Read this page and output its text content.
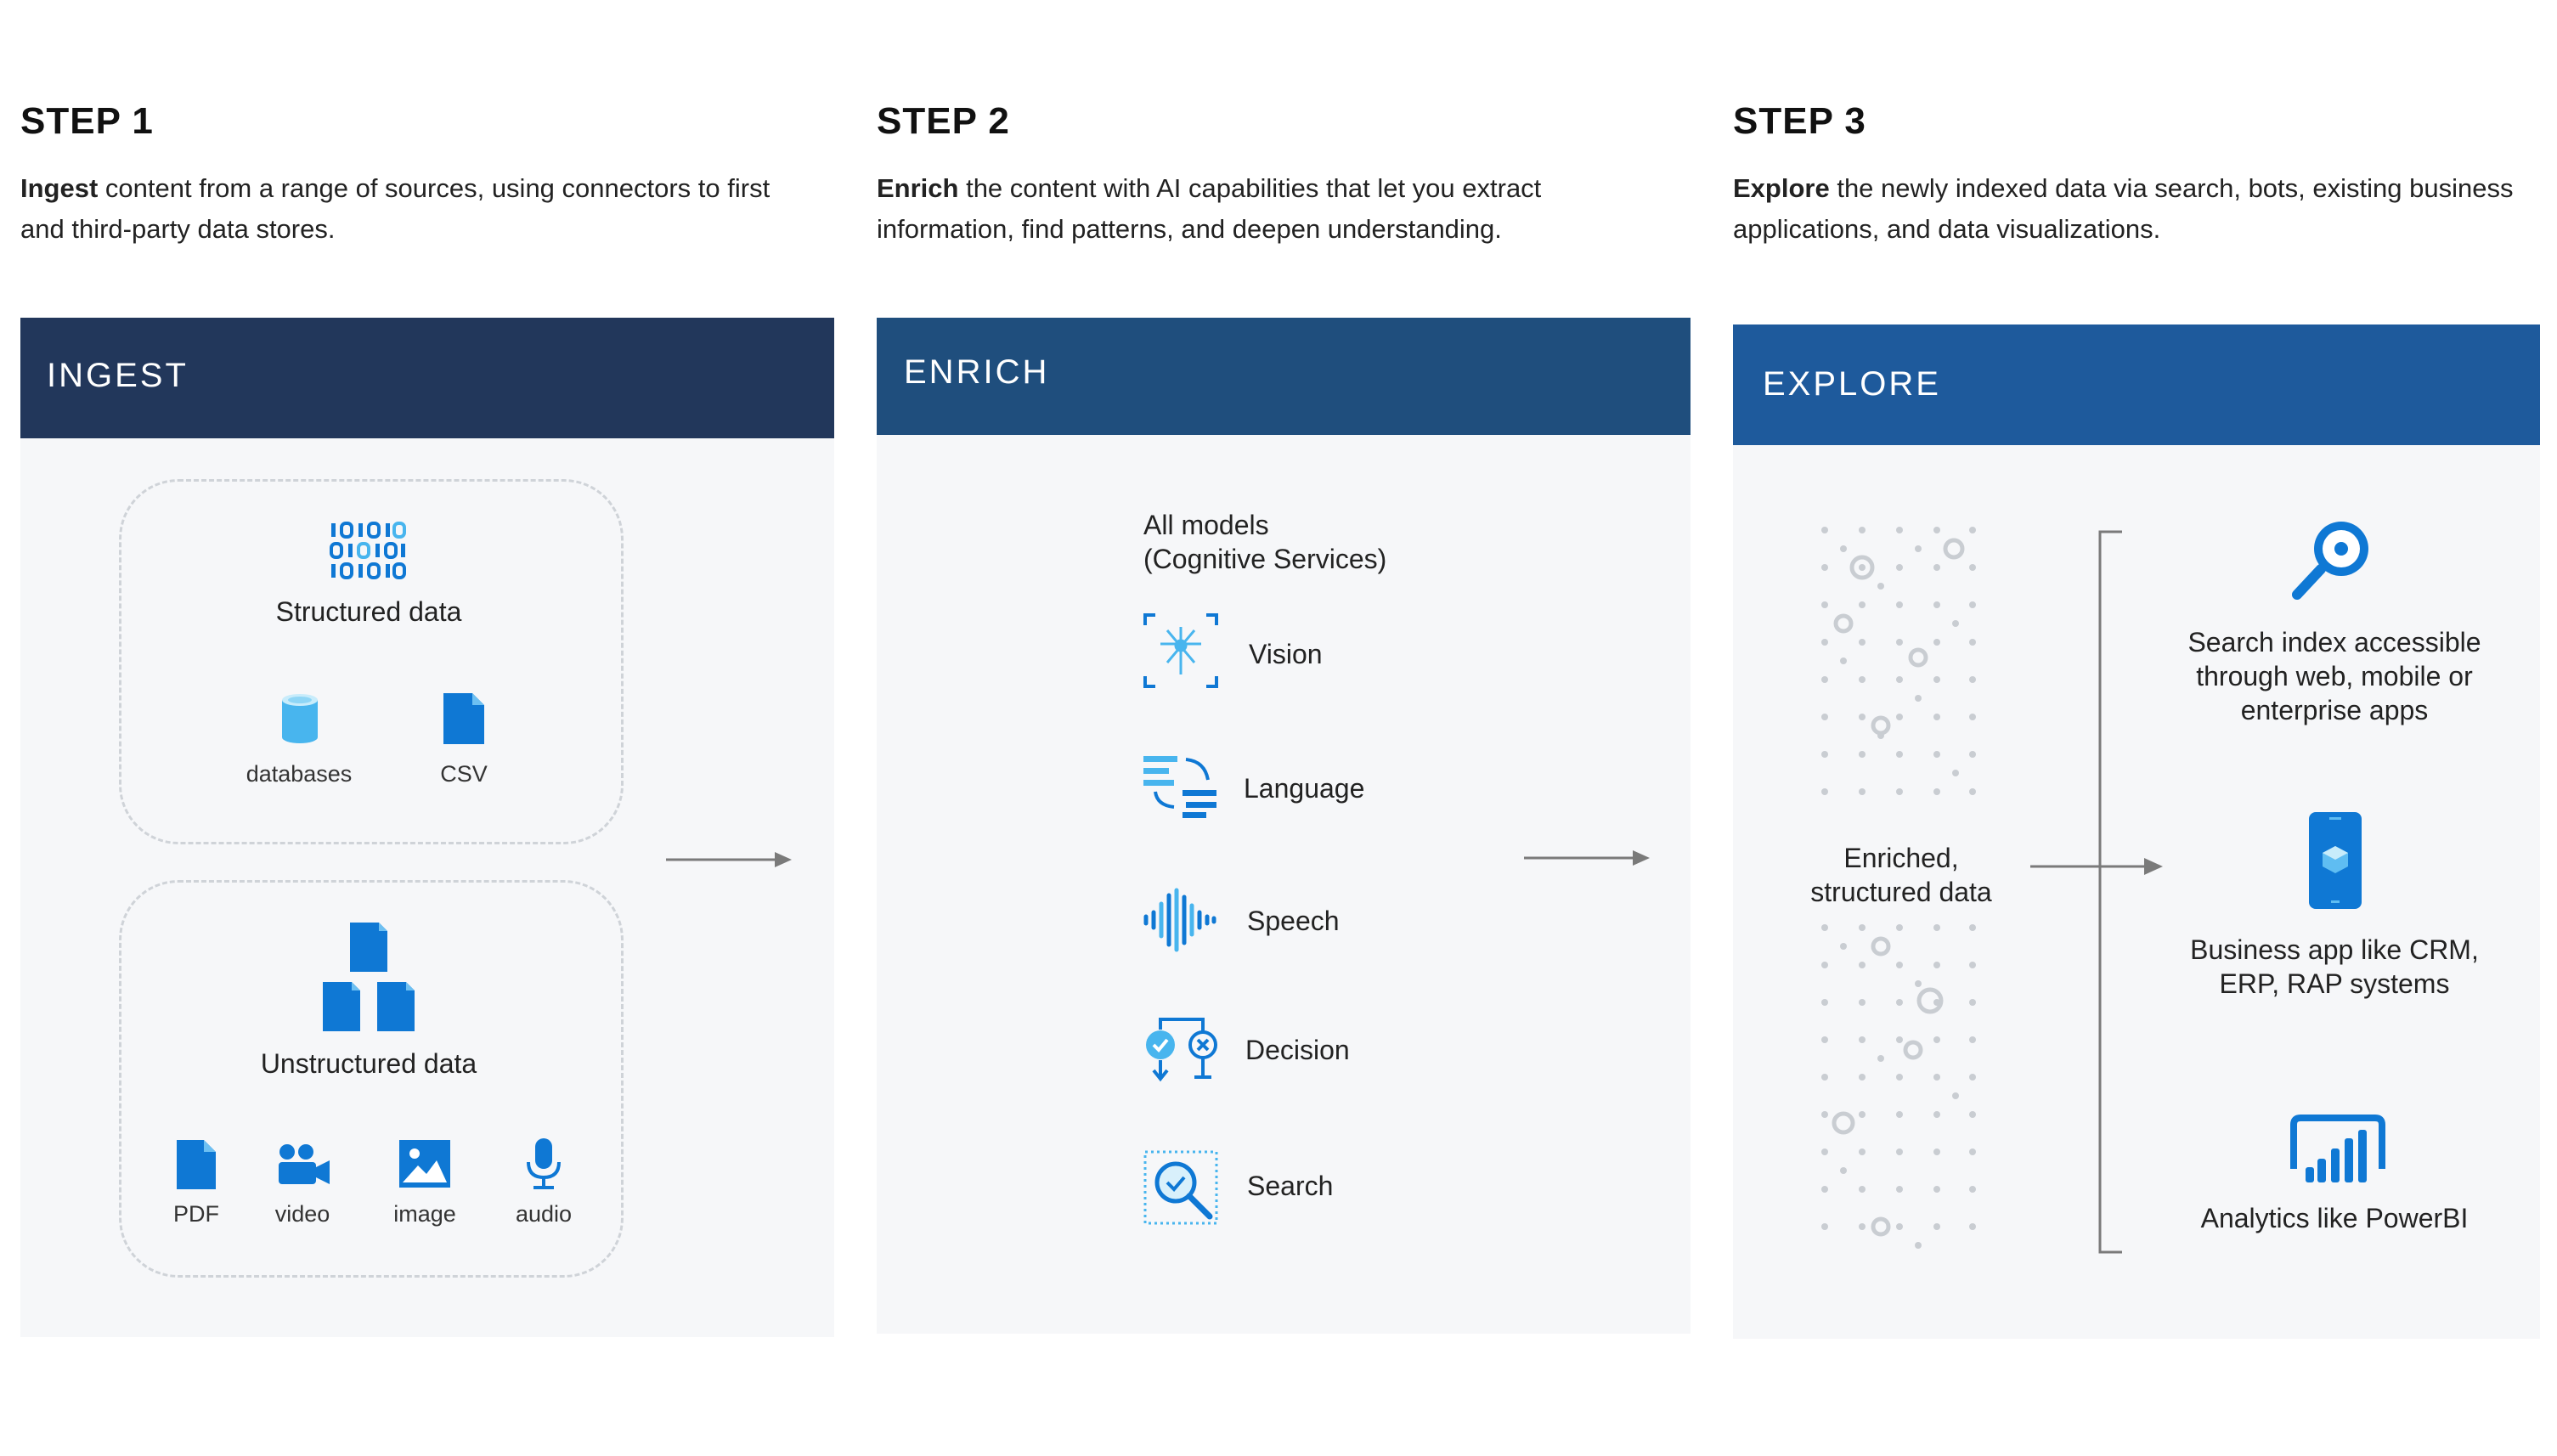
STEP 1
Ingest content from a range of sources, using connectors to first
and third-party data stores.
STEP 2
Enrich the content with AI capabilities that let you extract
information, find patterns, and deepen understanding.
STEP 3
Explore the newly indexed data via search, bots, existing business
applications, and data visualizations.
INGEST
Structured data
databases	CSV
Unstructured data
PDF	video	image	audio
ENRICH
All models
(Cognitive Services)
Vision
Language
Speech
Decision
Search
EXPLORE
Enriched,
structured data
Search index accessible
through web, mobile or
enterprise apps
Business app like CRM,
ERP, RAP systems
Analytics like PowerBI
